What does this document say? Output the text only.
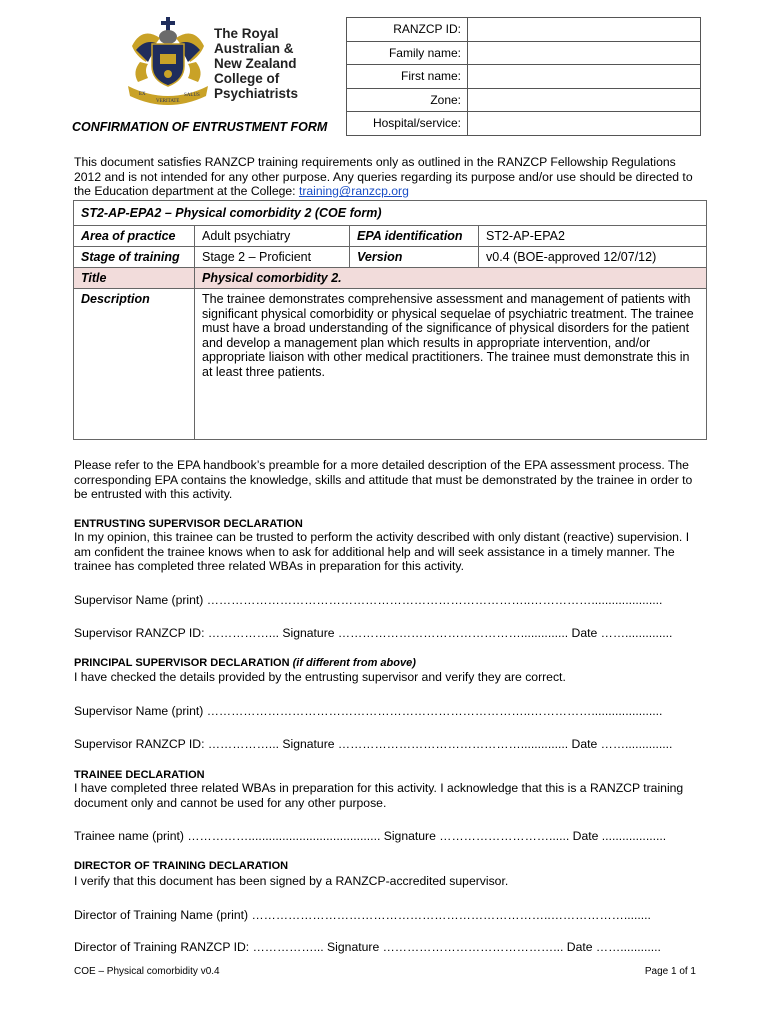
EX
VERITATE
SALUS
The Royal
Australian &
New Zealand
College of
Psychiatrists
RANZCP ID:	
Family name:	
First name:	
Zone:	
Hospital/service:	
CONFIRMATION OF ENTRUSTMENT FORM
This document satisfies RANZCP training requirements only as outlined in the RANZCP Fellowship Regulations 2012 and is not intended for any other purpose. Any queries regarding its purpose and/or use should be directed to the Education department at the College: training@ranzcp.org
ST2-AP-EPA2 – Physical comorbidity 2 (COE form)			
Area of practice	Adult psychiatry	EPA identification	ST2-AP-EPA2
Stage of training	Stage 2 – Proficient	Version	v0.4 (BOE-approved 12/07/12)
Title	Physical comorbidity 2.		
Description	The trainee demonstrates comprehensive assessment and management of patients with significant physical comorbidity or physical sequelae of psychiatric treatment. The trainee must have a broad understanding of the significance of physical disorders for the patient and develop a management plan which results in appropriate intervention, and/or appropriate liaison with other medical practitioners. The trainee must demonstrate this in at least three patients.		
Please refer to the EPA handbook’s preamble for a more detailed description of the EPA assessment process. The corresponding EPA contains the knowledge, skills and attitude that must be demonstrated by the trainee in order to be entrusted with this activity.
ENTRUSTING SUPERVISOR DECLARATION
In my opinion, this trainee can be trusted to perform the activity described with only distant (reactive) supervision. I am confident the trainee knows when to ask for additional help and will seek assistance in a timely manner. The trainee has completed three related WBAs in preparation for this activity.
Supervisor Name (print) ……………………………………………………………………..…………….....................
Supervisor RANZCP ID: ……………... Signature ……………………………………….............. Date ……..............
PRINCIPAL SUPERVISOR DECLARATION (if different from above)
I have checked the details provided by the entrusting supervisor and verify they are correct.
Supervisor Name (print) ……………………………………………………………………..…………….....................
Supervisor RANZCP ID: ……………... Signature ……………………………………….............. Date ……..............
TRAINEE DECLARATION
I have completed three related WBAs in preparation for this activity. I acknowledge that this is a RANZCP training document only and cannot be used for any other purpose.
Trainee name (print) ……………....................................... Signature ………………………...... Date ...................
DIRECTOR OF TRAINING DECLARATION
I verify that this document has been signed by a RANZCP-accredited supervisor.
Director of Training Name (print) ………………………………………………………………..………………........
Director of Training RANZCP ID: ……………... Signature ……………………………………... Date ……............
COE – Physical comorbidity v0.4	Page 1 of 1
